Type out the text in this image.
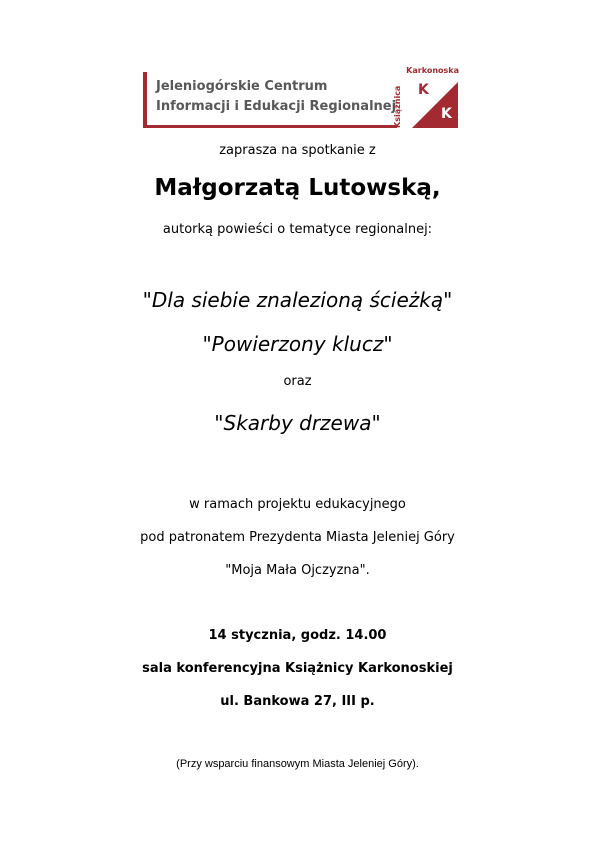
Jeleniogórskie Centrum
Informacji i Edukacji Regionalnej
Karkonoska
Książnica K
K
zaprasza na spotkanie z
Małgorzatą Lutowską,
autorką powieści o tematyce regionalnej:
"Dla siebie znalezioną ścieżką"
"Powierzony klucz"
oraz
"Skarby drzewa"
w ramach projektu edukacyjnego
pod patronatem Prezydenta Miasta Jeleniej Góry
"Moja Mała Ojczyzna".
14 stycznia, godz. 14.00
sala konferencyjna Książnicy Karkonoskiej
ul. Bankowa 27, III p.
(Przy wsparciu finansowym Miasta Jeleniej Góry).
